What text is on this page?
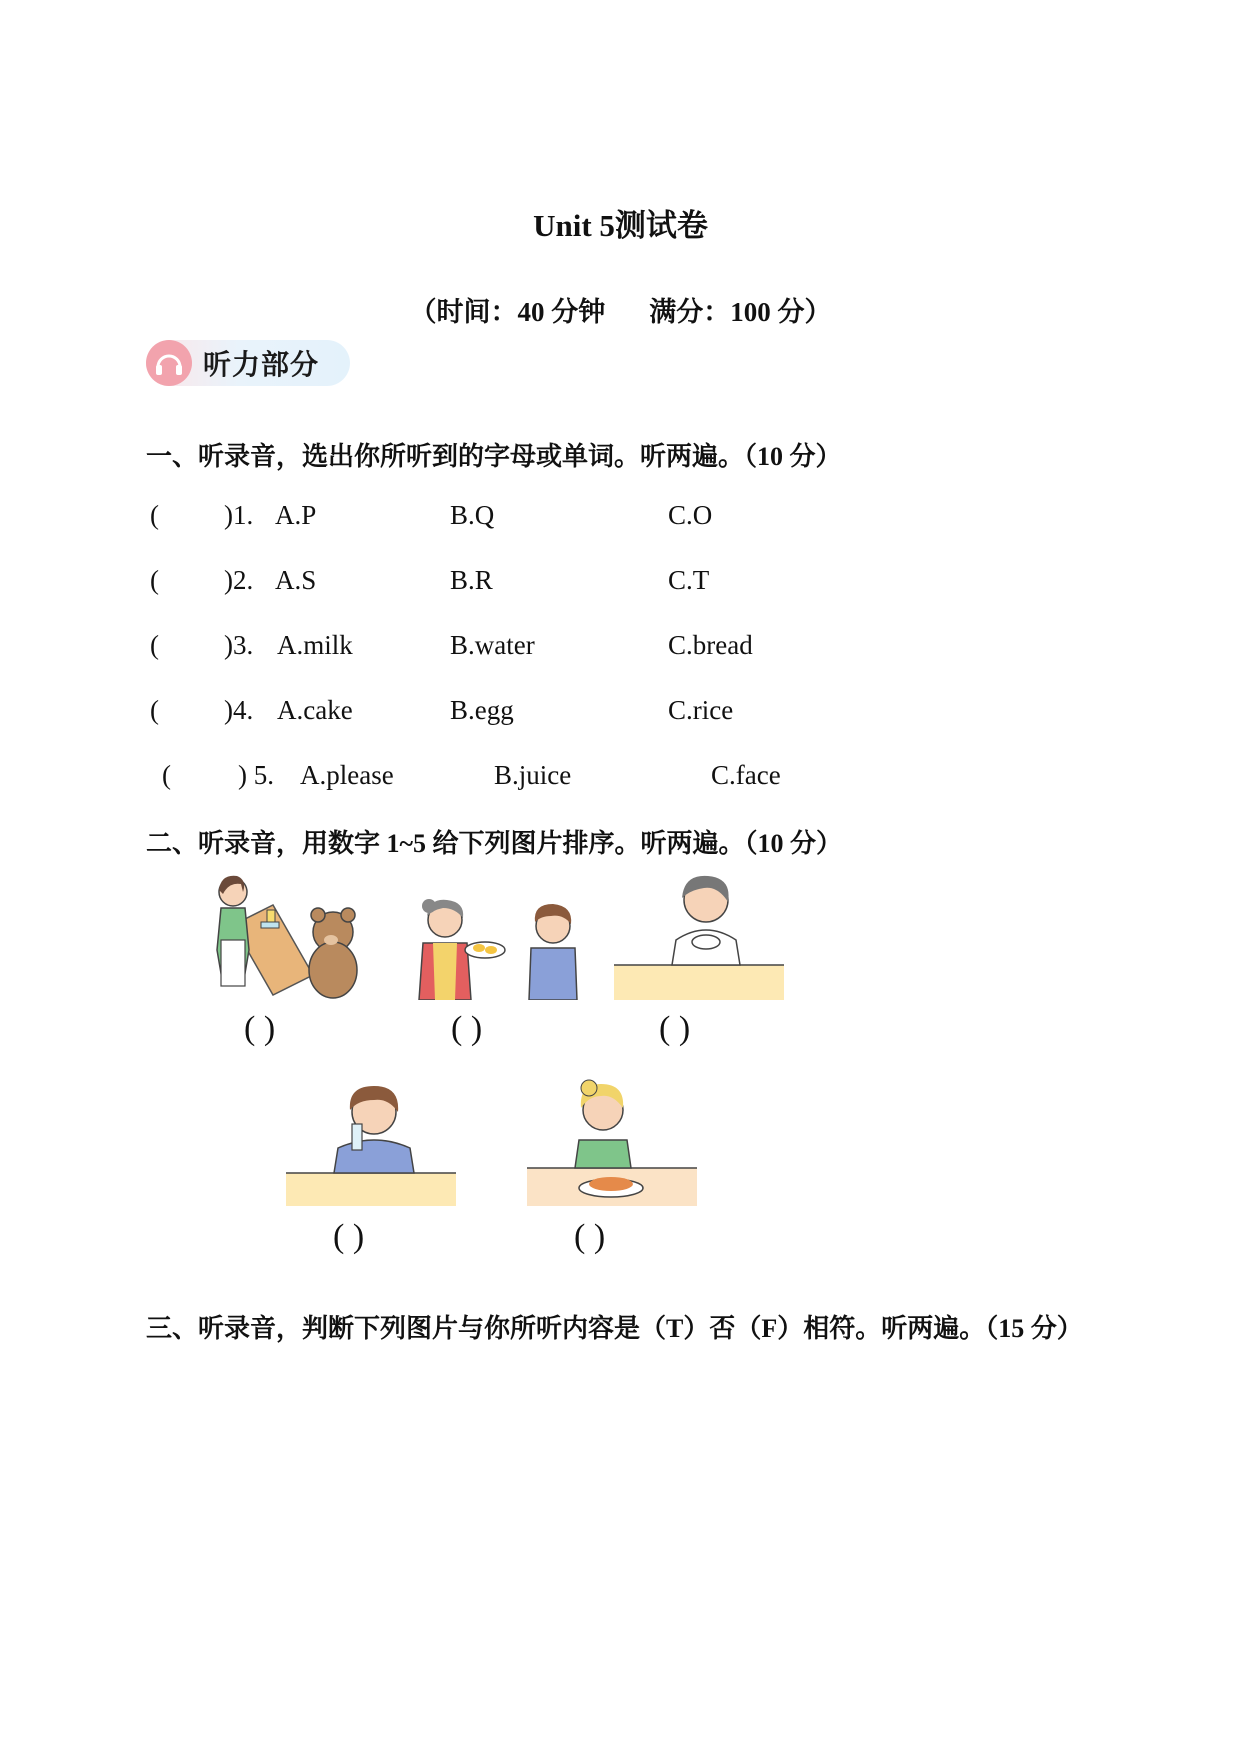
Unit 5测试卷
（时间：40 分钟 满分：100 分）
听力部分
一、听录音，选出你所听到的字母或单词。听两遍。（10 分）
( )1. A.P	B.Q	C.O
( )2. A.S	B.R	C.T
( )3. A.milk	B.water	C.bread
( )4. A.cake	B.egg	C.rice
( ) 5. A.please	B.juice	C.face
二、听录音，用数字 1~5 给下列图片排序。听两遍。（10 分）
( )	( )	( )
( )	( )
三、听录音，判断下列图片与你所听内容是（T）否（F）相符。听两遍。（15 分）
